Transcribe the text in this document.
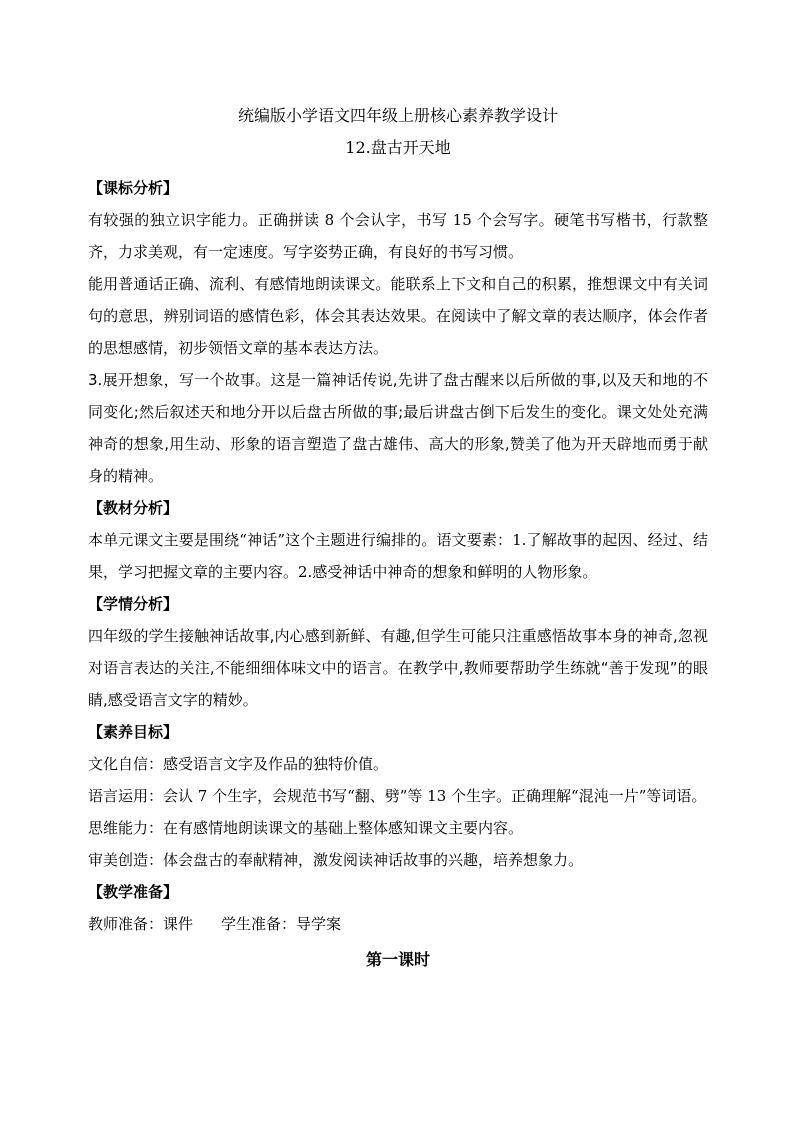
统编版小学语文四年级上册核心素养教学设计

12.盘古开天地

【课标分析】

有较强的独立识字能力。正确拼读 8 个会认字，书写 15 个会写字。硬笔书写楷书，行款整齐，力求美观，有一定速度。写字姿势正确，有良好的书写习惯。

能用普通话正确、流利、有感情地朗读课文。能联系上下文和自己的积累，推想课文中有关词句的意思，辨别词语的感情色彩，体会其表达效果。在阅读中了解文章的表达顺序，体会作者的思想感情，初步领悟文章的基本表达方法。

3.展开想象，写一个故事。这是一篇神话传说,先讲了盘古醒来以后所做的事,以及天和地的不同变化;然后叙述天和地分开以后盘古所做的事;最后讲盘古倒下后发生的变化。课文处处充满神奇的想象,用生动、形象的语言塑造了盘古雄伟、高大的形象,赞美了他为开天辟地而勇于献身的精神。

【教材分析】

本单元课文主要是围绕“神话”这个主题进行编排的。语文要素：1.了解故事的起因、经过、结果，学习把握文章的主要内容。2.感受神话中神奇的想象和鲜明的人物形象。

【学情分析】

四年级的学生接触神话故事,内心感到新鲜、有趣,但学生可能只注重感悟故事本身的神奇,忽视对语言表达的关注,不能细细体味文中的语言。在教学中,教师要帮助学生练就“善于发现”的眼睛,感受语言文字的精妙。

【素养目标】

文化自信：感受语言文字及作品的独特价值。

语言运用：会认 7 个生字，会规范书写“翻、劈”等 13 个生字。正确理解“混沌一片”等词语。

思维能力：在有感情地朗读课文的基础上整体感知课文主要内容。

审美创造：体会盘古的奉献精神，激发阅读神话故事的兴趣，培养想象力。

【教学准备】

教师准备：课件 学生准备：导学案

第一课时
